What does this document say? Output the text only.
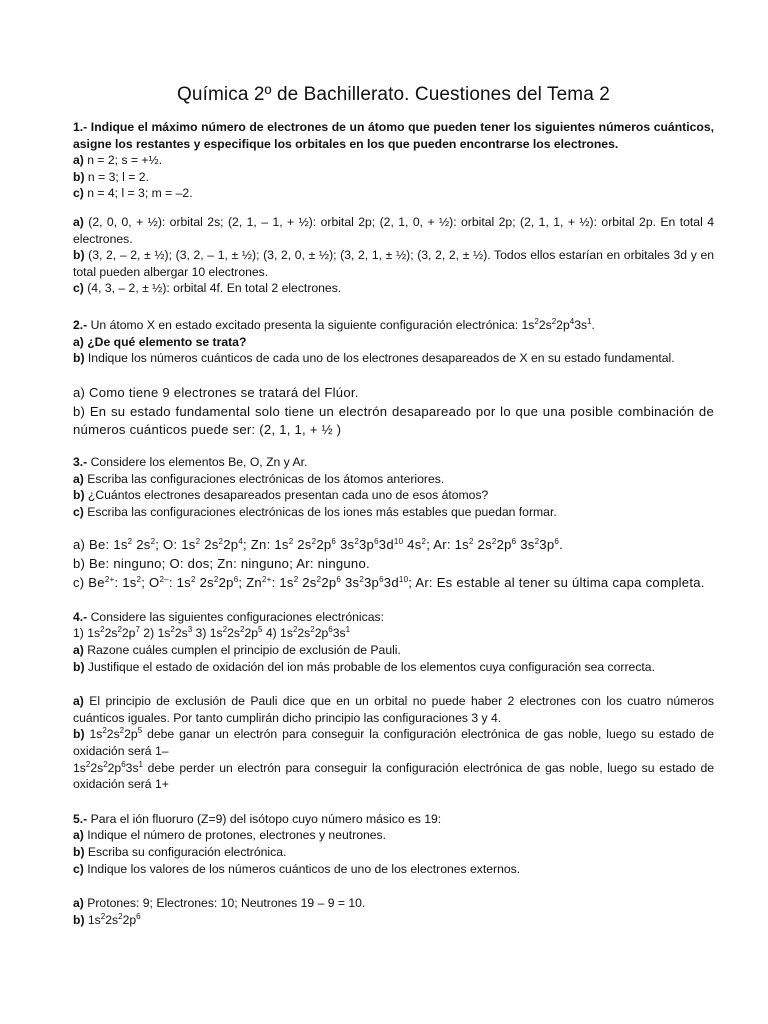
Química 2º de Bachillerato. Cuestiones del Tema 2

1.- Indique el máximo número de electrones de un átomo que pueden tener los siguientes números cuánticos, asigne los restantes y especifique los orbitales en los que pueden encontrarse los electrones.

a) n = 2; s = +½.

b) n = 3; l = 2.

c) n = 4; l = 3; m = –2.

a) (2, 0, 0, + ½): orbital 2s; (2, 1, – 1, + ½): orbital 2p; (2, 1, 0, + ½): orbital 2p; (2, 1, 1, + ½): orbital 2p. En total 4 electrones.

b) (3, 2, – 2, ± ½); (3, 2, – 1, ± ½); (3, 2, 0, ± ½); (3, 2, 1, ± ½); (3, 2, 2, ± ½). Todos ellos estarían en orbitales 3d y en total pueden albergar 10 electrones.

c) (4, 3, – 2, ± ½): orbital 4f. En total 2 electrones.

2.- Un átomo X en estado excitado presenta la siguiente configuración electrónica: $1s^22s^22p^43s^1$.

a) ¿De qué elemento se trata?

b) Indique los números cuánticos de cada uno de los electrones desapareados de X en su estado fundamental.

a) Como tiene 9 electrones se tratará del Flúor.

b) En su estado fundamental solo tiene un electrón desapareado por lo que una posible combinación de números cuánticos puede ser: (2, 1, 1, + ½ )

3.- Considere los elementos Be, O, Zn y Ar.

a) Escriba las configuraciones electrónicas de los átomos anteriores.

b) ¿Cuántos electrones desapareados presentan cada uno de esos átomos?

c) Escriba las configuraciones electrónicas de los iones más estables que puedan formar.

a) Be: $1s^2$ $2s^2$; O: $1s^2$ $2s^22p^4$; Zn: $1s^2$ $2s^22p^6$ $3s^23p^63d^{10}$ $4s^2$; Ar: $1s^2$ $2s^22p^6$ $3s^23p^6$.

b) Be: ninguno; O: dos; Zn: ninguno; Ar: ninguno.

c) $Be^{2+}$: $1s^2$; $O^{2-}$: $1s^2$ $2s^22p^6$; $Zn^{2+}$: $1s^2$ $2s^22p^6$ $3s^23p^63d^{10}$; Ar: Es estable al tener su última capa completa.

4.- Considere las siguientes configuraciones electrónicas:

1) $1s^22s^22p^7$ 2) $1s^22s^3$ 3) $1s^22s^22p^5$ 4) $1s^22s^22p^63s^1$

a) Razone cuáles cumplen el principio de exclusión de Pauli.

b) Justifique el estado de oxidación del ion más probable de los elementos cuya configuración sea correcta.

a) El principio de exclusión de Pauli dice que en un orbital no puede haber 2 electrones con los cuatro números cuánticos iguales. Por tanto cumplirán dicho principio las configuraciones 3 y 4.

b) $1s^22s^22p^5$ debe ganar un electrón para conseguir la configuración electrónica de gas noble, luego su estado de oxidación será 1–

$1s^22s^22p^63s^1$ debe perder un electrón para conseguir la configuración electrónica de gas noble, luego su estado de oxidación será 1+

5.- Para el ión fluoruro (Z=9) del isótopo cuyo número másico es 19:

a) Indique el número de protones, electrones y neutrones.

b) Escriba su configuración electrónica.

c) Indique los valores de los números cuánticos de uno de los electrones externos.

a) Protones: 9; Electrones: 10; Neutrones 19 – 9 = 10.

b) $1s^22s^22p^6$
